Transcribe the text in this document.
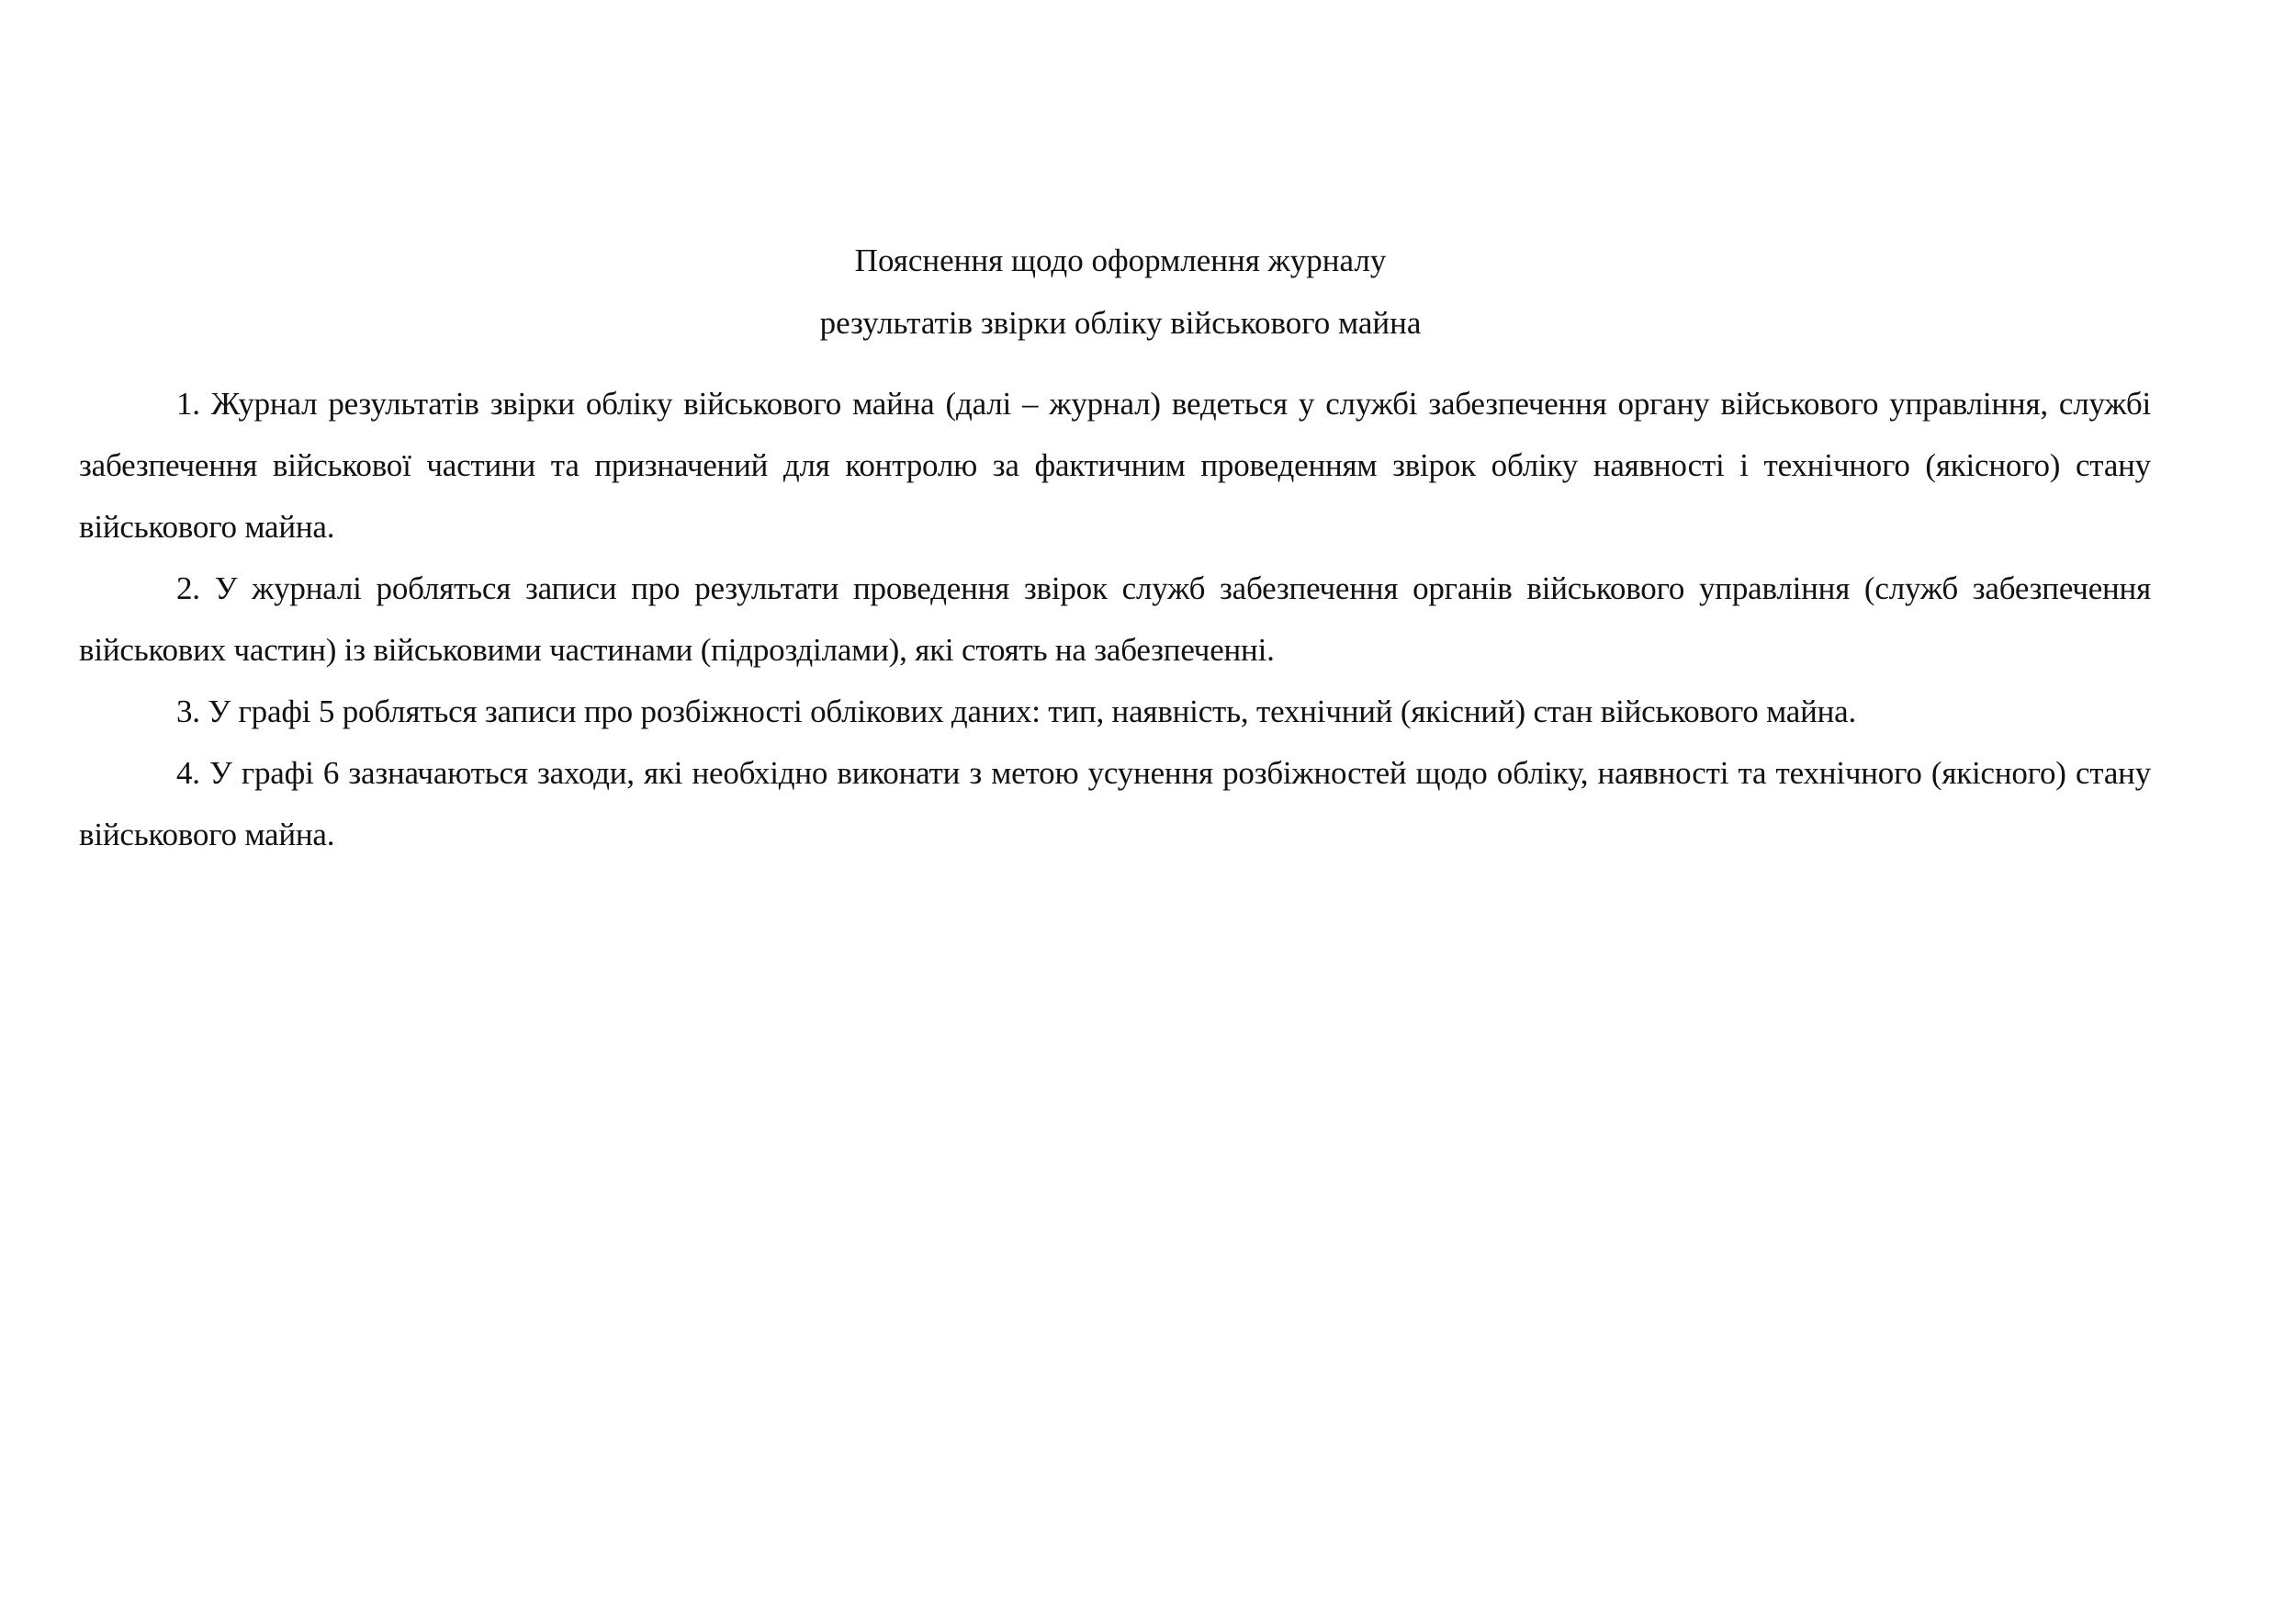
Пояснення щодо оформлення журналу
результатів звірки обліку військового майна

1. Журнал результатів звірки обліку військового майна (далі – журнал) ведеться у службі забезпечення органу військового управління, службі забезпечення військової частини та призначений для контролю за фактичним проведенням звірок обліку наявності і технічного (якісного) стану військового майна.

2. У журналі робляться записи про результати проведення звірок служб забезпечення органів військового управління (служб забезпечення військових частин) із військовими частинами (підрозділами), які стоять на забезпеченні.

3. У графі 5 робляться записи про розбіжності облікових даних: тип, наявність, технічний (якісний) стан військового майна.

4. У графі 6 зазначаються заходи, які необхідно виконати з метою усунення розбіжностей щодо обліку, наявності та технічного (якісного) стану військового майна.
